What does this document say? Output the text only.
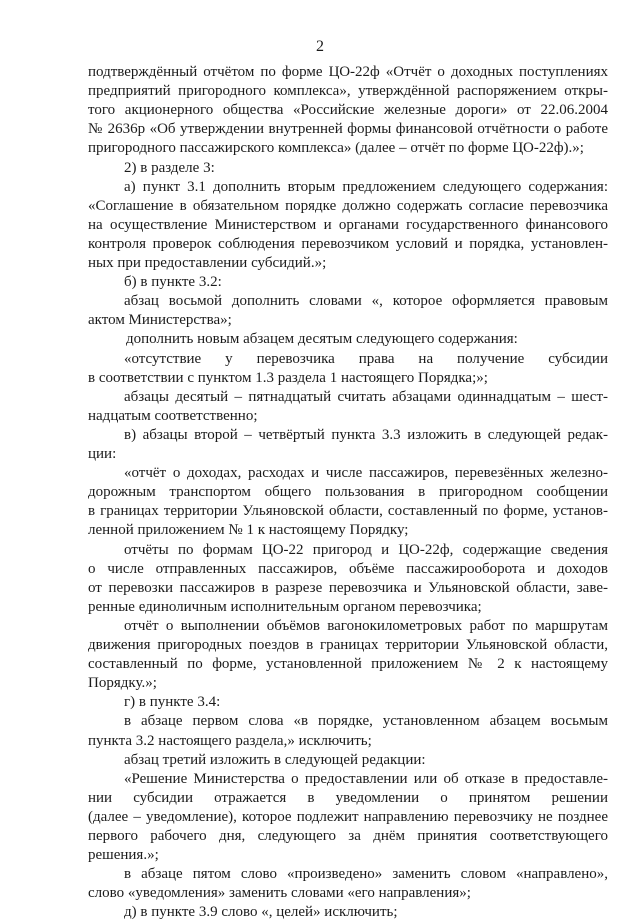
2
подтверждённый отчётом по форме ЦО-22ф «Отчёт о доходных поступлениях
предприятий пригородного комплекса», утверждённой распоряжением откры-
того акционерного общества «Российские железные дороги» от 22.06.2004
№ 2636р «Об утверждении внутренней формы финансовой отчётности о работе
пригородного пассажирского комплекса» (далее – отчёт по форме ЦО-22ф).»;
2) в разделе 3:
а) пункт 3.1 дополнить вторым предложением следующего содержания:
«Соглашение в обязательном порядке должно содержать согласие перевозчика
на осуществление Министерством и органами государственного финансового
контроля проверок соблюдения перевозчиком условий и порядка, установлен-
ных при предоставлении субсидий.»;
б) в пункте 3.2:
абзац восьмой дополнить словами «, которое оформляется правовым
актом Министерства»;
дополнить новым абзацем десятым следующего содержания:
«отсутствие у перевозчика права на получение субсидии
в соответствии с пунктом 1.3 раздела 1 настоящего Порядка;»;
абзацы десятый – пятнадцатый считать абзацами одиннадцатым – шест-
надцатым соответственно;
в) абзацы второй – четвёртый пункта 3.3 изложить в следующей редак-
ции:
«отчёт о доходах, расходах и числе пассажиров, перевезённых железно-
дорожным транспортом общего пользования в пригородном сообщении
в границах территории Ульяновской области, составленный по форме, установ-
ленной приложением № 1 к настоящему Порядку;
отчёты по формам ЦО-22 пригород и ЦО-22ф, содержащие сведения
о числе отправленных пассажиров, объёме пассажирооборота и доходов
от перевозки пассажиров в разрезе перевозчика и Ульяновской области, заве-
ренные единоличным исполнительным органом перевозчика;
отчёт о выполнении объёмов вагонокилометровых работ по маршрутам
движения пригородных поездов в границах территории Ульяновской области,
составленный по форме, установленной приложением № 2 к настоящему
Порядку.»;
г) в пункте 3.4:
в абзаце первом слова «в порядке, установленном абзацем восьмым
пункта 3.2 настоящего раздела,» исключить;
абзац третий изложить в следующей редакции:
«Решение Министерства о предоставлении или об отказе в предоставле-
нии субсидии отражается в уведомлении о принятом решении
(далее – уведомление), которое подлежит направлению перевозчику не позднее
первого рабочего дня, следующего за днём принятия соответствующего
решения.»;
в абзаце пятом слово «произведено» заменить словом «направлено»,
слово «уведомления» заменить словами «его направления»;
д) в пункте 3.9 слово «, целей» исключить;
